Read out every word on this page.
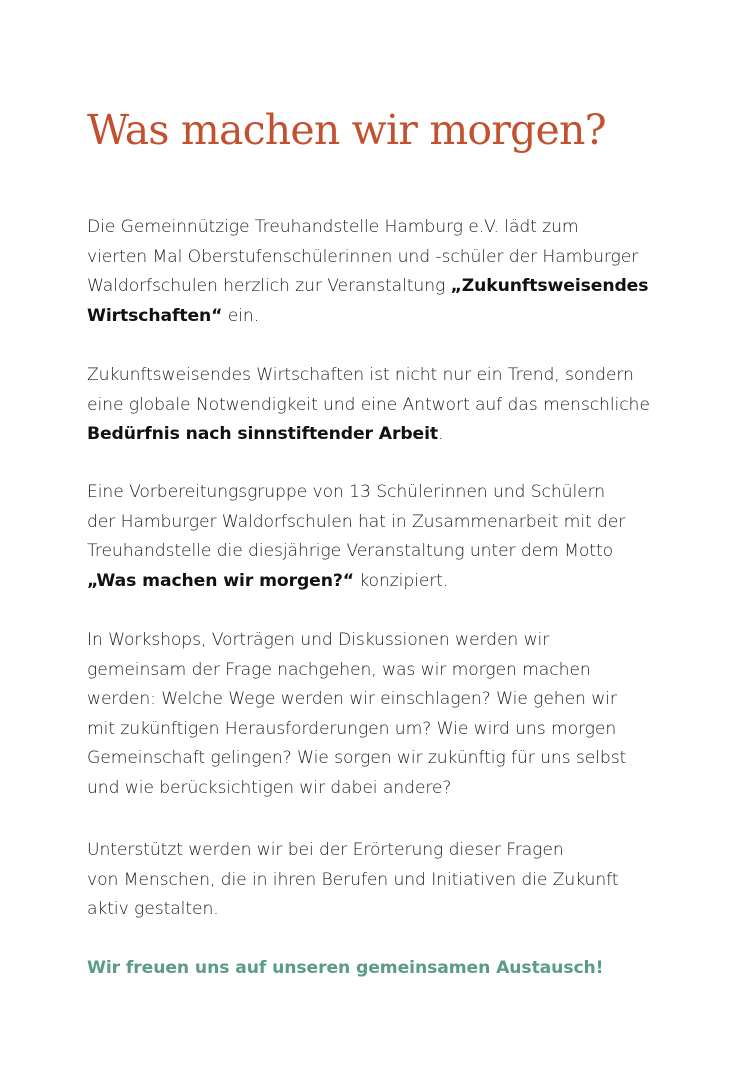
Was machen wir morgen?

Die Gemeinnützige Treuhandstelle Hamburg e.V. lädt zum
vierten Mal Oberstufenschülerinnen und -schüler der Hamburger
Waldorfschulen herzlich zur Veranstaltung „Zukunftsweisendes
Wirtschaften“ ein.

Zukunftsweisendes Wirtschaften ist nicht nur ein Trend, sondern
eine globale Notwendigkeit und eine Antwort auf das menschliche
Bedürfnis nach sinnstiftender Arbeit.

Eine Vorbereitungsgruppe von 13 Schülerinnen und Schülern
der Hamburger Waldorfschulen hat in Zusammenarbeit mit der
Treuhandstelle die diesjährige Veranstaltung unter dem Motto
„Was machen wir morgen?“ konzipiert.

In Workshops, Vorträgen und Diskussionen werden wir
gemeinsam der Frage nachgehen, was wir morgen machen
werden: Welche Wege werden wir einschlagen? Wie gehen wir
mit zukünftigen Herausforderungen um? Wie wird uns morgen
Gemeinschaft gelingen? Wie sorgen wir zukünftig für uns selbst
und wie berücksichtigen wir dabei andere?

Unterstützt werden wir bei der Erörterung dieser Fragen
von Menschen, die in ihren Berufen und Initiativen die Zukunft
aktiv gestalten.

Wir freuen uns auf unseren gemeinsamen Austausch!
